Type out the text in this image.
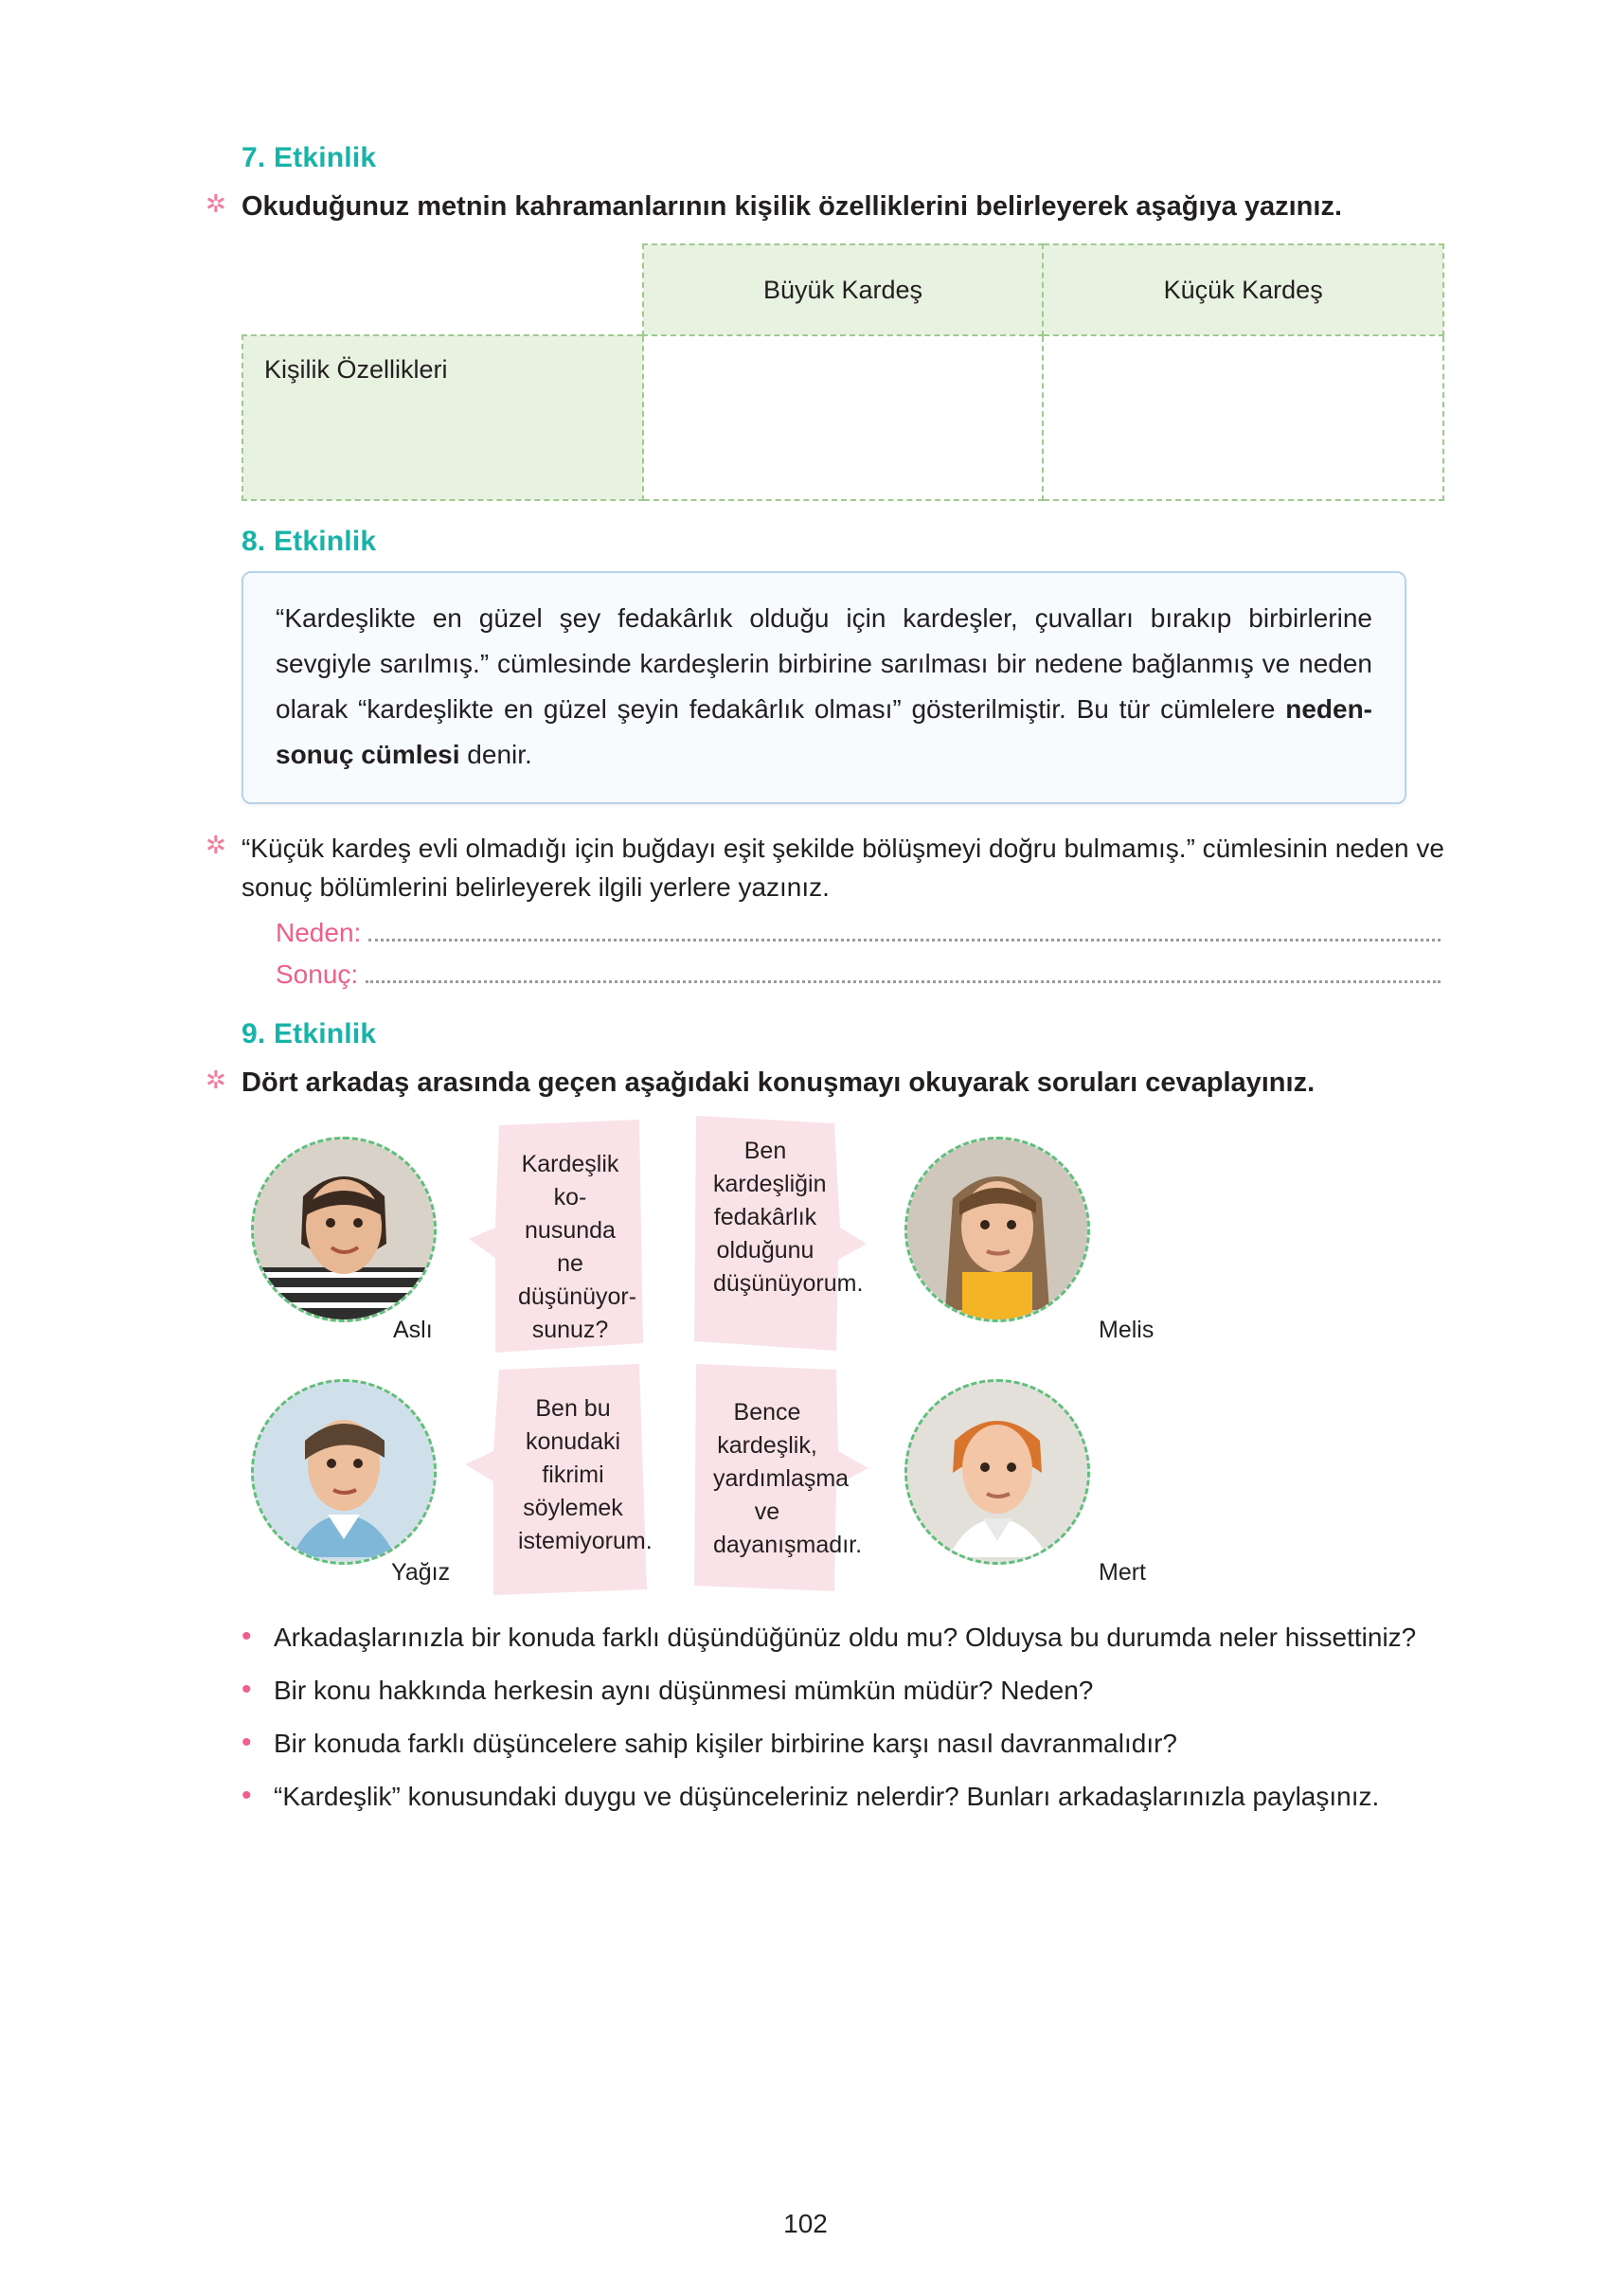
7. Etkinlik
✲ Okuduğunuz metnin kahramanlarının kişilik özelliklerini belirleyerek aşağıya yazınız.
	Büyük Kardeş	Küçük Kardeş
Kişilik Özellikleri		
8. Etkinlik

“Kardeşlikte en güzel şey fedakârlık olduğu için kardeşler, çuvalları bırakıp birbirlerine sevgiyle sarılmış.” cümlesinde kardeşlerin birbirine sarılması bir nedene bağlanmış ve neden olarak “kardeşlikte en güzel şeyin fedakârlık olması” gösterilmiştir. Bu tür cümlelere neden-sonuç cümlesi denir.

✲ “Küçük kardeş evli olmadığı için buğdayı eşit şekilde bölüşmeyi doğru bulmamış.” cümlesinin neden ve sonuç bölümlerini belirleyerek ilgili yerlere yazınız.
Neden:
Sonuç:
9. Etkinlik
✲ Dört arkadaş arasında geçen aşağıdaki konuşmayı okuyarak soruları cevaplayınız.
Aslı
Kardeşlik ko-
nusunda
ne düşünüyor-
sunuz?
Ben
kardeşliğin
fedakârlık
olduğunu
düşünüyorum.
Melis
Yağız
Ben bu
konudaki
fikrimi
söylemek
istemiyorum.
Bence
kardeşlik,
yardımlaşma
ve
dayanışmadır.
Mert
• Arkadaşlarınızla bir konuda farklı düşündüğünüz oldu mu? Olduysa bu durumda neler hissettiniz?
• Bir konu hakkında herkesin aynı düşünmesi mümkün müdür? Neden?
• Bir konuda farklı düşüncelere sahip kişiler birbirine karşı nasıl davranmalıdır?
• “Kardeşlik” konusundaki duygu ve düşünceleriniz nelerdir? Bunları arkadaşlarınızla paylaşınız.
102
